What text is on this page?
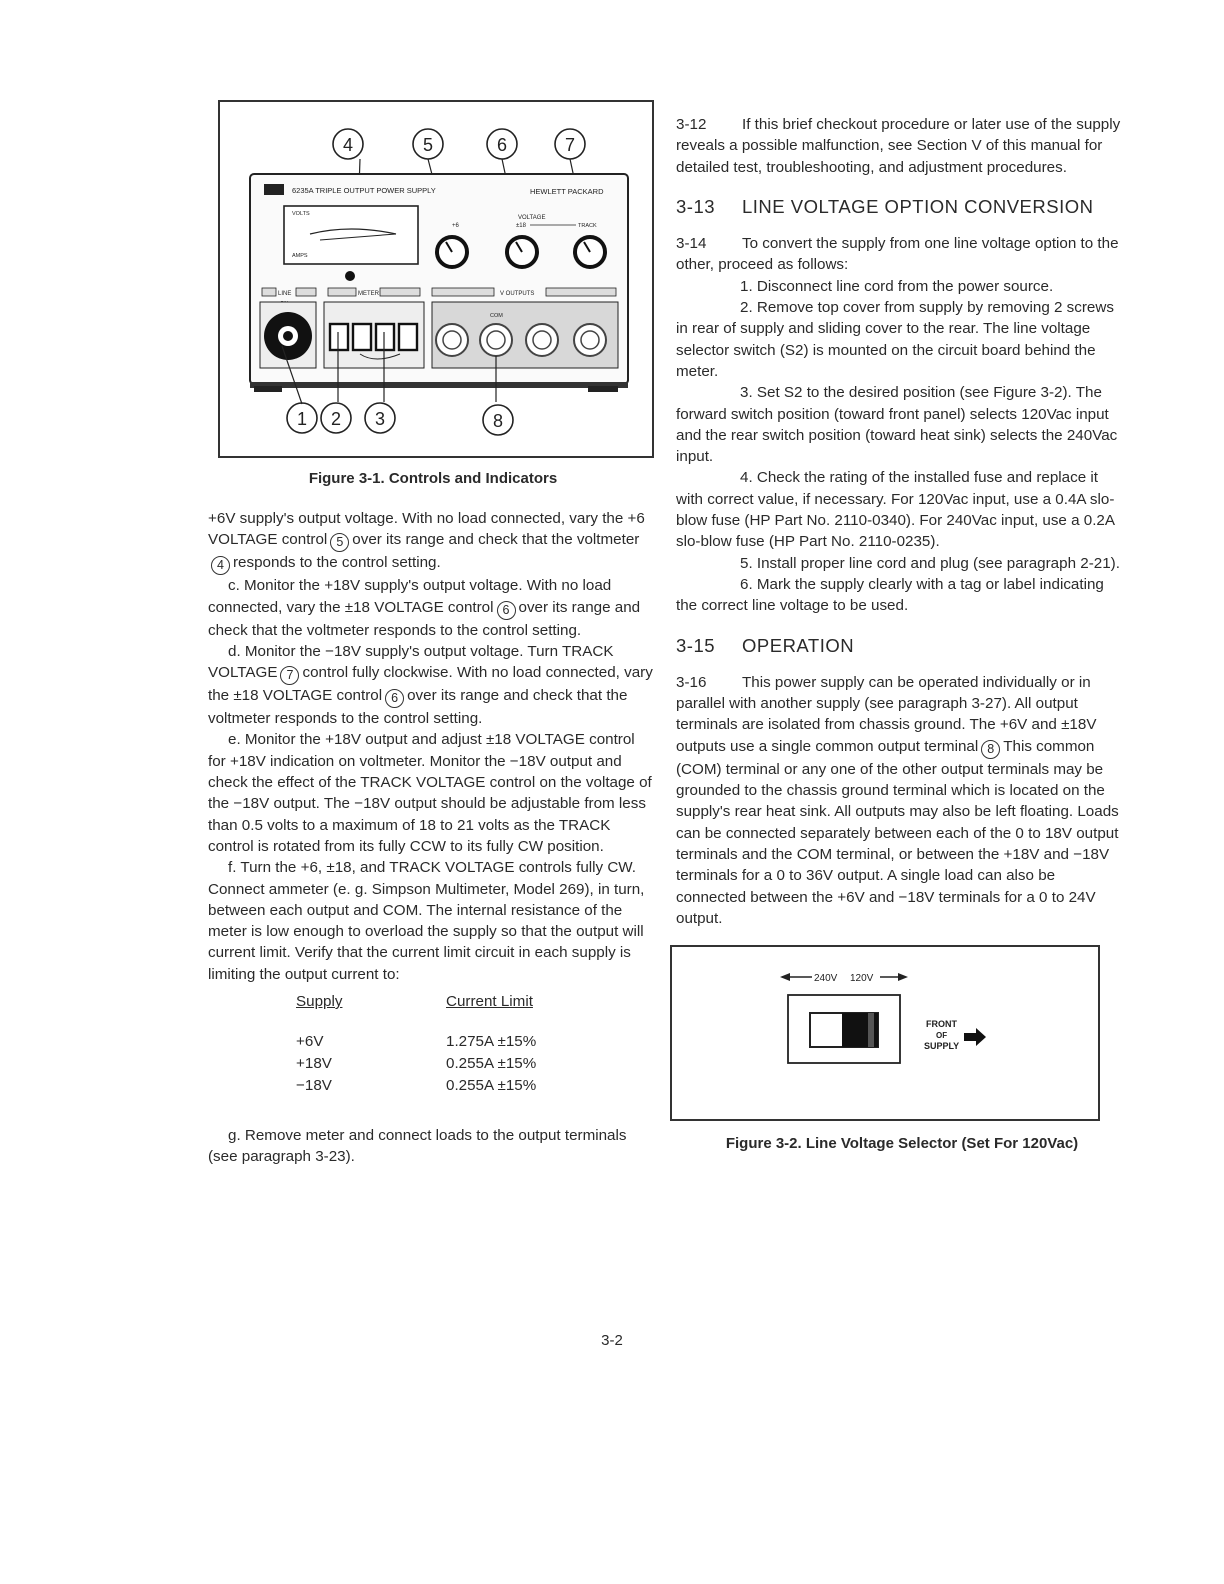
4	5	6	7
6235A TRIPLE OUTPUT POWER SUPPLY	HEWLETT PACKARD
VOLTS
AMPS
VOLTAGE
+6	±18	TRACK
LINE	METER	V OUTPUTS
COM
1 2 3	8
Figure 3-1. Controls and Indicators

+6V supply's output voltage. With no load connected, vary the +6 VOLTAGE control 5 over its range and check that the voltmeter4 responds to the control setting.

c. Monitor the +18V supply's output voltage. With no load connected, vary the ±18 VOLTAGE control 6 over its range and check that the voltmeter responds to the control setting.

d. Monitor the −18V supply's output voltage. Turn TRACK VOLTAGE 7 control fully clockwise. With no load connected, vary the ±18 VOLTAGE control 6 over its range and check that the voltmeter responds to the control setting.

e. Monitor the +18V output and adjust ±18 VOLTAGE control for +18V indication on voltmeter. Monitor the −18V output and check the effect of the TRACK VOLTAGE control on the voltage of the −18V output. The −18V output should be adjustable from less than 0.5 volts to a maximum of 18 to 21 volts as the TRACK control is rotated from its fully CCW to its fully CW position.

f. Turn the +6, ±18, and TRACK VOLTAGE controls fully CW. Connect ammeter (e. g. Simpson Multimeter, Model 269), in turn, between each output and COM. The internal resistance of the meter is low enough to overload the supply so that the output will current limit. Verify that the current limit circuit in each supply is limiting the output current to:

Supply	Current Limit
+6V	1.275A ±15%
+18V	0.255A ±15%
−18V	0.255A ±15%

g. Remove meter and connect loads to the output terminals (see paragraph 3-23).

3-12 If this brief checkout procedure or later use of the supply reveals a possible malfunction, see Section V of this manual for detailed test, troubleshooting, and adjustment procedures.

3-13 LINE VOLTAGE OPTION CONVERSION

3-14 To convert the supply from one line voltage option to the other, proceed as follows:

1. Disconnect line cord from the power source.

2. Remove top cover from supply by removing 2 screws in rear of supply and sliding cover to the rear. The line voltage selector switch (S2) is mounted on the circuit board behind the meter.

3. Set S2 to the desired position (see Figure 3-2). The forward switch position (toward front panel) selects 120Vac input and the rear switch position (toward heat sink) selects the 240Vac input.

4. Check the rating of the installed fuse and replace it with correct value, if necessary. For 120Vac input, use a 0.4A slo-blow fuse (HP Part No. 2110-0340). For 240Vac input, use a 0.2A slo-blow fuse (HP Part No. 2110-0235).

5. Install proper line cord and plug (see paragraph 2-21).

6. Mark the supply clearly with a tag or label indicating the correct line voltage to be used.

3-15 OPERATION

3-16 This power supply can be operated individually or in parallel with another supply (see paragraph 3-27). All output terminals are isolated from chassis ground. The +6V and ±18V outputs use a single common output terminal 8 This common (COM) terminal or any one of the other output terminals may be grounded to the chassis ground terminal which is located on the supply's rear heat sink. All outputs may also be left floating. Loads can be connected separately between each of the 0 to 18V output terminals and the COM terminal, or between the +18V and −18V terminals for a 0 to 36V output. A single load can also be connected between the +6V and −18V terminals for a 0 to 24V output.

240V 120V
FRONT
OF
SUPPLY

Figure 3-2. Line Voltage Selector (Set For 120Vac)

3-2
